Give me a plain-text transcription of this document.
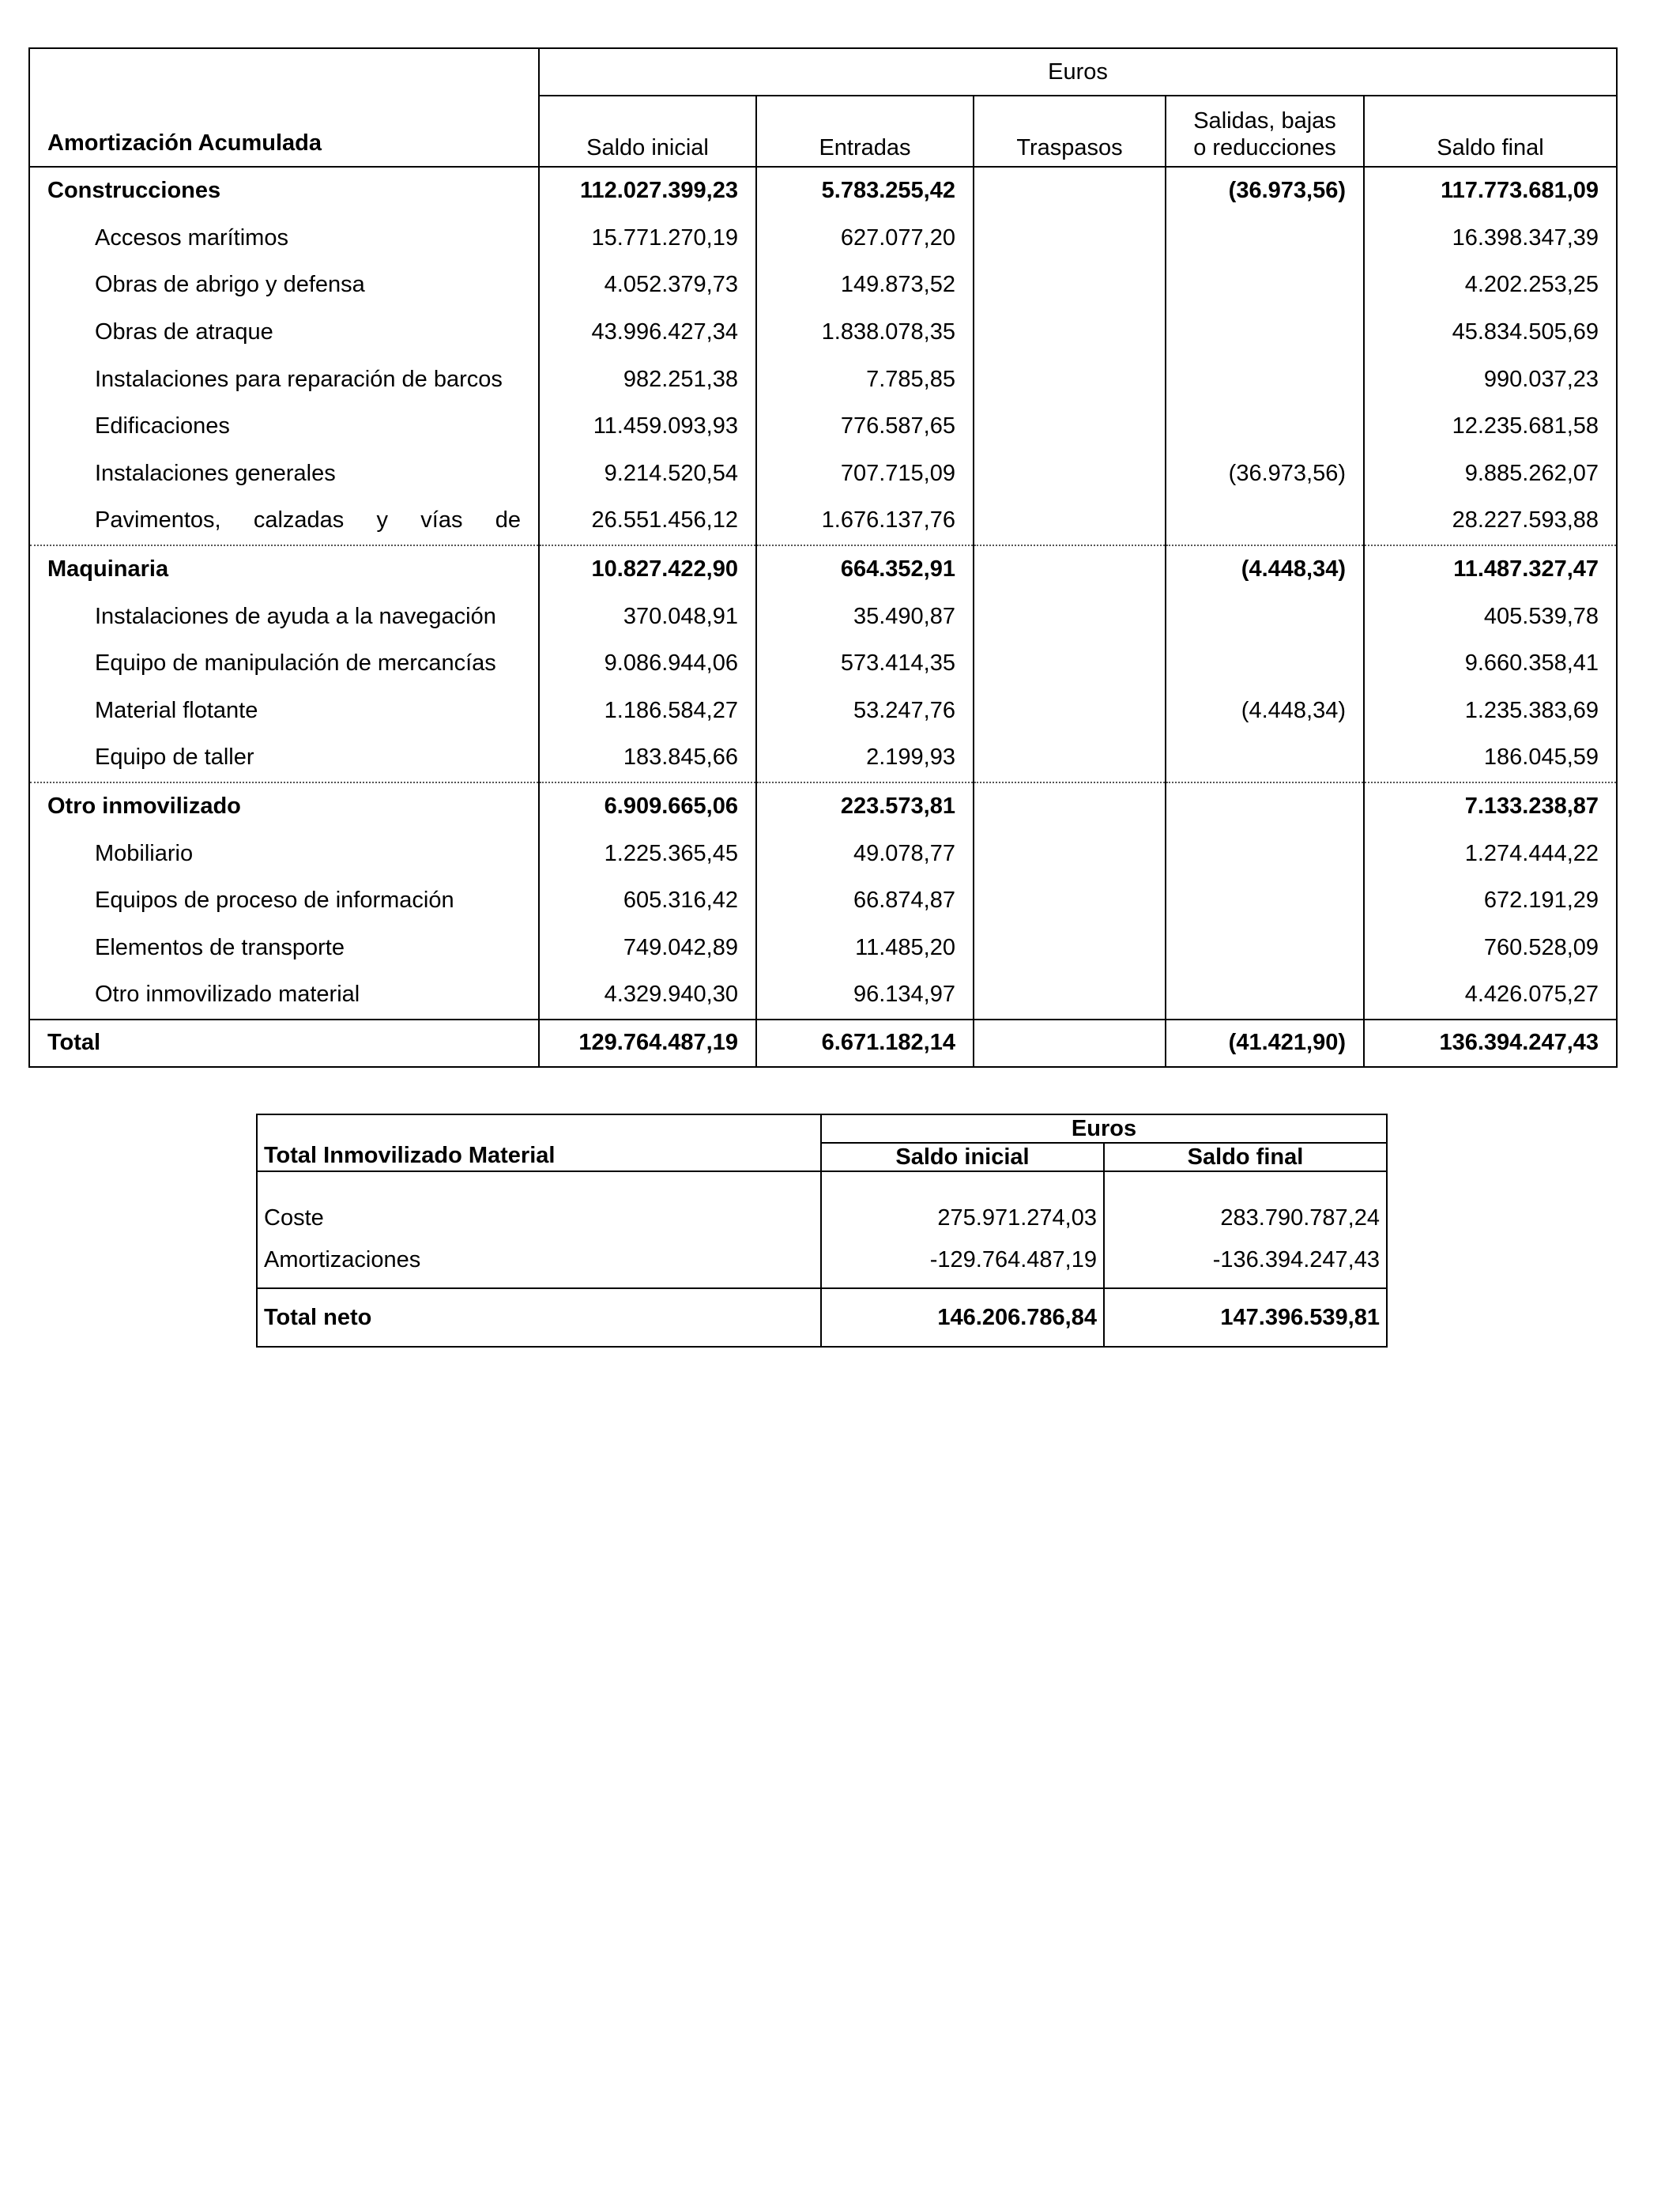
Amortización Acumulada	Euros				
	Saldo inicial	Entradas	Traspasos	Salidas, bajas
o reducciones	Saldo final
Construcciones	112.027.399,23	5.783.255,42		(36.973,56)	117.773.681,09
Accesos marítimos	15.771.270,19	627.077,20			16.398.347,39
Obras de abrigo y defensa	4.052.379,73	149.873,52			4.202.253,25
Obras de atraque	43.996.427,34	1.838.078,35			45.834.505,69
Instalaciones para reparación de barcos	982.251,38	7.785,85			990.037,23
Edificaciones	11.459.093,93	776.587,65			12.235.681,58
Instalaciones generales	9.214.520,54	707.715,09		(36.973,56)	9.885.262,07
Pavimentos, calzadas y vías de	26.551.456,12	1.676.137,76			28.227.593,88
Maquinaria	10.827.422,90	664.352,91		(4.448,34)	11.487.327,47
Instalaciones de ayuda a la navegación	370.048,91	35.490,87			405.539,78
Equipo de manipulación de mercancías	9.086.944,06	573.414,35			9.660.358,41
Material flotante	1.186.584,27	53.247,76		(4.448,34)	1.235.383,69
Equipo de taller	183.845,66	2.199,93			186.045,59
Otro inmovilizado	6.909.665,06	223.573,81			7.133.238,87
Mobiliario	1.225.365,45	49.078,77			1.274.444,22
Equipos de proceso de información	605.316,42	66.874,87			672.191,29
Elementos de transporte	749.042,89	11.485,20			760.528,09
Otro inmovilizado material	4.329.940,30	96.134,97			4.426.075,27
Total	129.764.487,19	6.671.182,14		(41.421,90)	136.394.247,43
Total Inmovilizado Material	Euros	
	Saldo inicial	Saldo final
Coste	275.971.274,03	283.790.787,24
Amortizaciones	-129.764.487,19	-136.394.247,43
Total neto	146.206.786,84	147.396.539,81
